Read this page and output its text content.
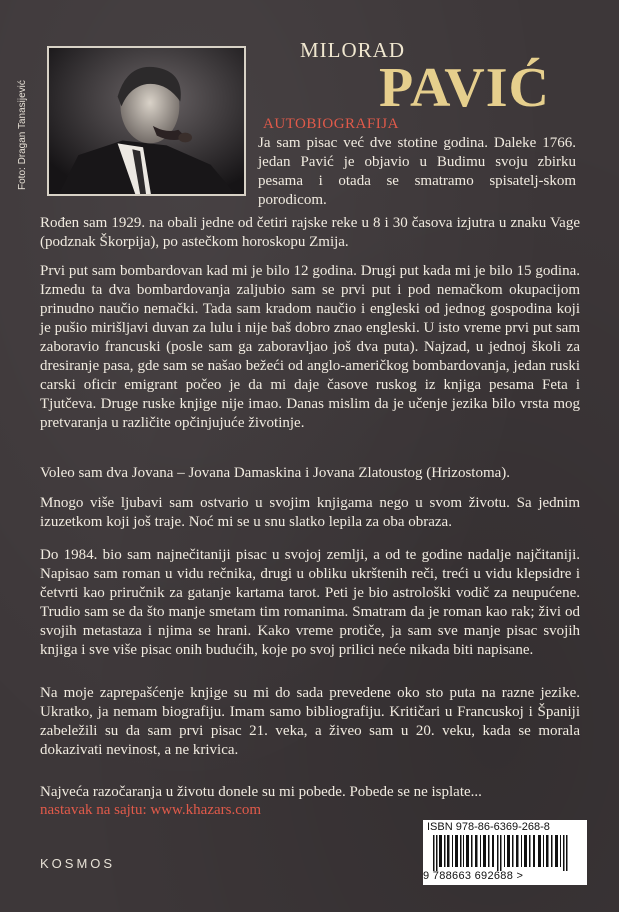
Foto: Dragan Tanasijević
MILORAD
PAVIĆ
AUTOBIOGRAFIJA

Ja sam pisac već dve stotine godina. Daleke 1766. jedan Pavić je objavio u Budimu svoju zbirku pesama i otada se smatramo spisatelj-skom porodicom.

Rođen sam 1929. na obali jedne od četiri rajske reke u 8 i 30 časova izjutra u znaku Vage (podznak Škorpija), po astečkom horoskopu Zmija.

Prvi put sam bombardovan kad mi je bilo 12 godina. Drugi put kada mi je bilo 15 godina. Izmedu ta dva bombardovanja zaljubio sam se prvi put i pod nemačkom okupacijom prinudno naučio nemački. Tada sam kradom naučio i engleski od jednog gospodina koji je pušio mirišljavi duvan za lulu i nije baš dobro znao engleski. U isto vreme prvi put sam zaboravio francuski (posle sam ga zaboravljao još dva puta). Najzad, u jednoj školi za dresiranje pasa, gde sam se našao bežeći od anglo-američkog bombardovanja, jedan ruski carski oficir emigrant počeo je da mi daje časove ruskog iz knjiga pesama Feta i Tjutčeva. Druge ruske knjige nije imao. Danas mislim da je učenje jezika bilo vrsta mog pretvaranja u različite opčinjujuće životinje.

Voleo sam dva Jovana – Jovana Damaskina i Jovana Zlatoustog (Hrizostoma).

Mnogo više ljubavi sam ostvario u svojim knjigama nego u svom životu. Sa jednim izuzetkom koji još traje. Noć mi se u snu slatko lepila za oba obraza.

Do 1984. bio sam najnečitaniji pisac u svojoj zemlji, a od te godine nadalje najčitaniji. Napisao sam roman u vidu rečnika, drugi u obliku ukrštenih reči, treći u vidu klepsidre i četvrti kao priručnik za gatanje kartama tarot. Peti je bio astrološki vodič za neupućene. Trudio sam se da što manje smetam tim romanima. Smatram da je roman kao rak; živi od svojih metastaza i njima se hrani. Kako vreme protiče, ja sam sve manje pisac svojih knjiga i sve više pisac onih budućih, koje po svoj prilici neće nikada biti napisane.

Na moje zaprepašćenje knjige su mi do sada prevedene oko sto puta na razne jezike. Ukratko, ja nemam biografiju. Imam samo bibliografiju. Kritičari u Francuskoj i Španiji zabeležili su da sam prvi pisac 21. veka, a živeo sam u 20. veku, kada se morala dokazivati nevinost, a ne krivica.

Najveća razočaranja u životu donele su mi pobede. Pobede se ne isplate...

nastavak na sajtu: www.khazars.com

KOSMOS
ISBN 978-86-6369-268-8
9 788663 692688 >
